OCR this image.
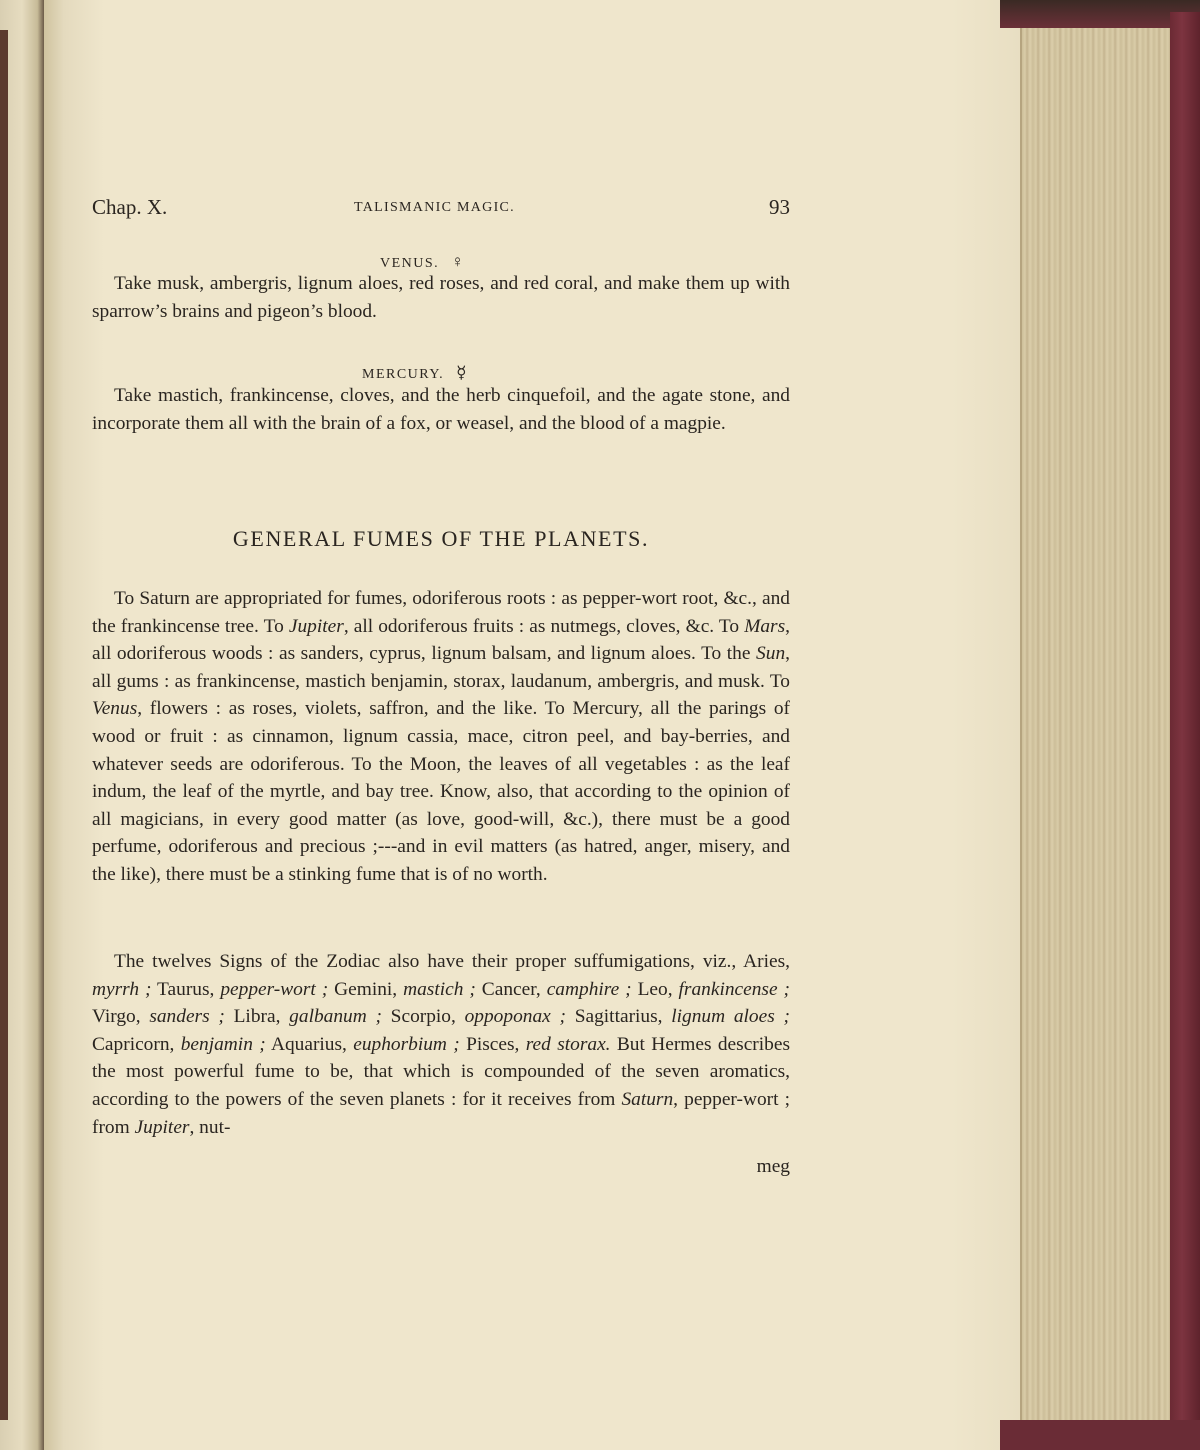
Chap. X.	TALISMANIC MAGIC.	93
VENUS. ♀
Take musk, ambergris, lignum aloes, red roses, and red coral, and make them up with sparrow’s brains and pigeon’s blood.
MERCURY. ☿
Take mastich, frankincense, cloves, and the herb cinquefoil, and the agate stone, and incorporate them all with the brain of a fox, or weasel, and the blood of a magpie.
GENERAL FUMES OF THE PLANETS.
To Saturn are appropriated for fumes, odoriferous roots : as pepper-wort root, &c., and the frankincense tree. To Jupiter, all odoriferous fruits : as nutmegs, cloves, &c. To Mars, all odoriferous woods : as sanders, cyprus, lignum balsam, and lignum aloes. To the Sun, all gums : as frankincense, mastich benjamin, storax, laudanum, ambergris, and musk. To Venus, flowers : as roses, violets, saffron, and the like. To Mercury, all the parings of wood or fruit : as cinnamon, lignum cassia, mace, citron peel, and bay-berries, and whatever seeds are odoriferous. To the Moon, the leaves of all vegetables : as the leaf indum, the leaf of the myrtle, and bay tree. Know, also, that according to the opinion of all magicians, in every good matter (as love, good-will, &c.), there must be a good perfume, odoriferous and precious ;---and in evil matters (as hatred, anger, misery, and the like), there must be a stinking fume that is of no worth.
The twelves Signs of the Zodiac also have their proper suffumigations, viz., Aries, myrrh ; Taurus, pepper-wort ; Gemini, mastich ; Cancer, camphire ; Leo, frankincense ; Virgo, sanders ; Libra, galbanum ; Scorpio, oppoponax ; Sagittarius, lignum aloes ; Capricorn, benjamin ; Aquarius, euphorbium ; Pisces, red storax. But Hermes describes the most powerful fume to be, that which is compounded of the seven aromatics, according to the powers of the seven planets : for it receives from Saturn, pepper-wort ; from Jupiter, nut-
meg
